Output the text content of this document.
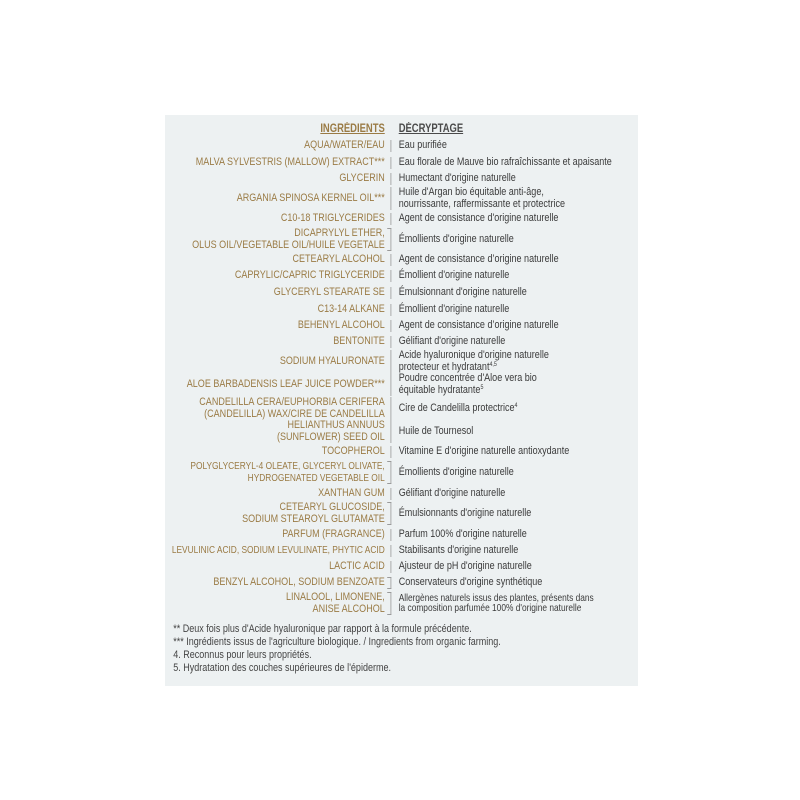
INGRÉDIENTS DÉCRYPTAGE
AQUA/WATER/EAU Eau purifiée
MALVA SYLVESTRIS (MALLOW) EXTRACT*** Eau florale de Mauve bio rafraîchissante et apaisante
GLYCERIN Humectant d'origine naturelle
ARGANIA SPINOSA KERNEL OIL*** Huile d'Argan bio équitable anti-âge,
nourrissante, raffermissante et protectrice
C10-18 TRIGLYCERIDES Agent de consistance d'origine naturelle
DICAPRYLYL ETHER,
OLUS OIL/VEGETABLE OIL/HUILE VEGETALE Émollients d'origine naturelle
CETEARYL ALCOHOL Agent de consistance d’origine naturelle
CAPRYLIC/CAPRIC TRIGLYCERIDE Émollient d'origine naturelle
GLYCERYL STEARATE SE Émulsionnant d'origine naturelle
C13-14 ALKANE Émollient d'origine naturelle
BEHENYL ALCOHOL Agent de consistance d’origine naturelle
BENTONITE Gélifiant d'origine naturelle
SODIUM HYALURONATE Acide hyaluronique d'origine naturelle
protecteur et hydratant$^{4,5}$
ALOE BARBADENSIS LEAF JUICE POWDER*** Poudre concentrée d'Aloe vera bio
équitable hydratante$^5$
CANDELILLA CERA/EUPHORBIA CERIFERA
(CANDELILLA) WAX/CIRE DE CANDELILLA Cire de Candelilla protectrice$^4$
HELIANTHUS ANNUUS
(SUNFLOWER) SEED OIL Huile de Tournesol
TOCOPHEROL Vitamine E d'origine naturelle antioxydante
POLYGLYCERYL-4 OLEATE, GLYCERYL OLIVATE,
HYDROGENATED VEGETABLE OIL
Émollients d'origine naturelle
XANTHAN GUM Gélifiant d'origine naturelle
CETEARYL GLUCOSIDE,
SODIUM STEAROYL GLUTAMATE Émulsionnants d'origine naturelle
PARFUM (FRAGRANCE) Parfum 100% d'origine naturelle
LEVULINIC ACID, SODIUM LEVULINATE, PHYTIC ACID Stabilisants d'origine naturelle
LACTIC ACID Ajusteur de pH d'origine naturelle
BENZYL ALCOHOL, SODIUM BENZOATE Conservateurs d'origine synthétique
LINALOOL, LIMONENE,
ANISE ALCOHOL
Allergènes naturels issus des plantes, présents dans
la composition parfumée 100% d'origine naturelle
** Deux fois plus d'Acide hyaluronique par rapport à la formule précédente.
*** Ingrédients issus de l'agriculture biologique. / Ingredients from organic farming.
4. Reconnus pour leurs propriétés.
5. Hydratation des couches supérieures de l'épiderme.
